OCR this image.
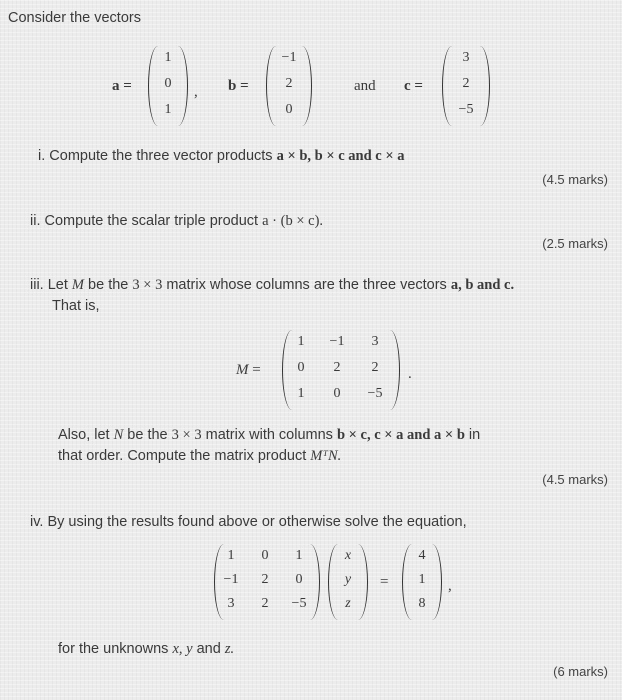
Consider the vectors
a =
1
0
1
, b =
−1
2
0
and c =
3
2
−5
i. Compute the three vector products a × b, b × c and c × a
(4.5 marks)
ii. Compute the scalar triple product a · (b × c).
(2.5 marks)
iii. Let M be the 3 × 3 matrix whose columns are the three vectors a, b and c.
That is,
M =
1	−1	3
0	2	2
1	0	−5
.
Also, let N be the 3 × 3 matrix with columns b × c, c × a and a × b in
that order. Compute the matrix product MᵀN.
(4.5 marks)
iv. By using the results found above or otherwise solve the equation,
1	0	1
−1	2	0
3	2	−5
x
y
z
=
4
1
8
,
for the unknowns x, y and z.
(6 marks)
